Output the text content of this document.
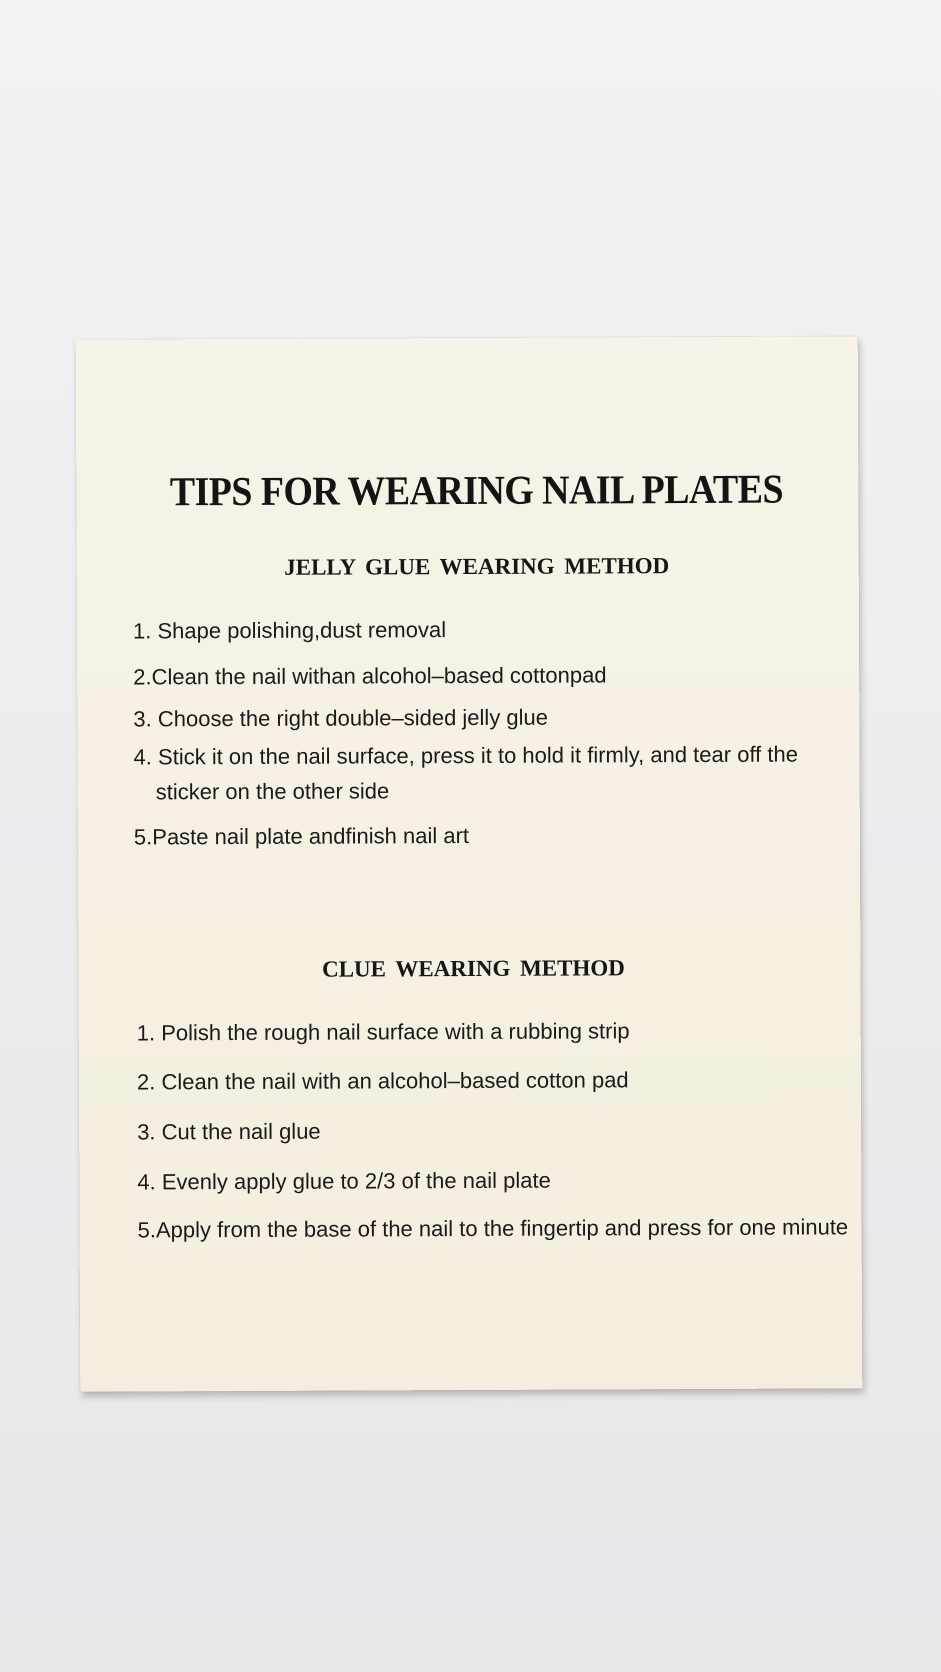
TIPS FOR WEARING NAIL PLATES
JELLY GLUE WEARING METHOD
1. Shape polishing,dust removal
2.Clean the nail withan alcohol–based cottonpad
3. Choose the right double–sided jelly glue
4. Stick it on the nail surface, press it to hold it firmly, and tear off the sticker on the other side
5.Paste nail plate andfinish nail art
CLUE WEARING METHOD
1. Polish the rough nail surface with a rubbing strip
2. Clean the nail with an alcohol–based cotton pad
3. Cut the nail glue
4. Evenly apply glue to 2/3 of the nail plate
5.Apply from the base of the nail to the fingertip and press for one minute
